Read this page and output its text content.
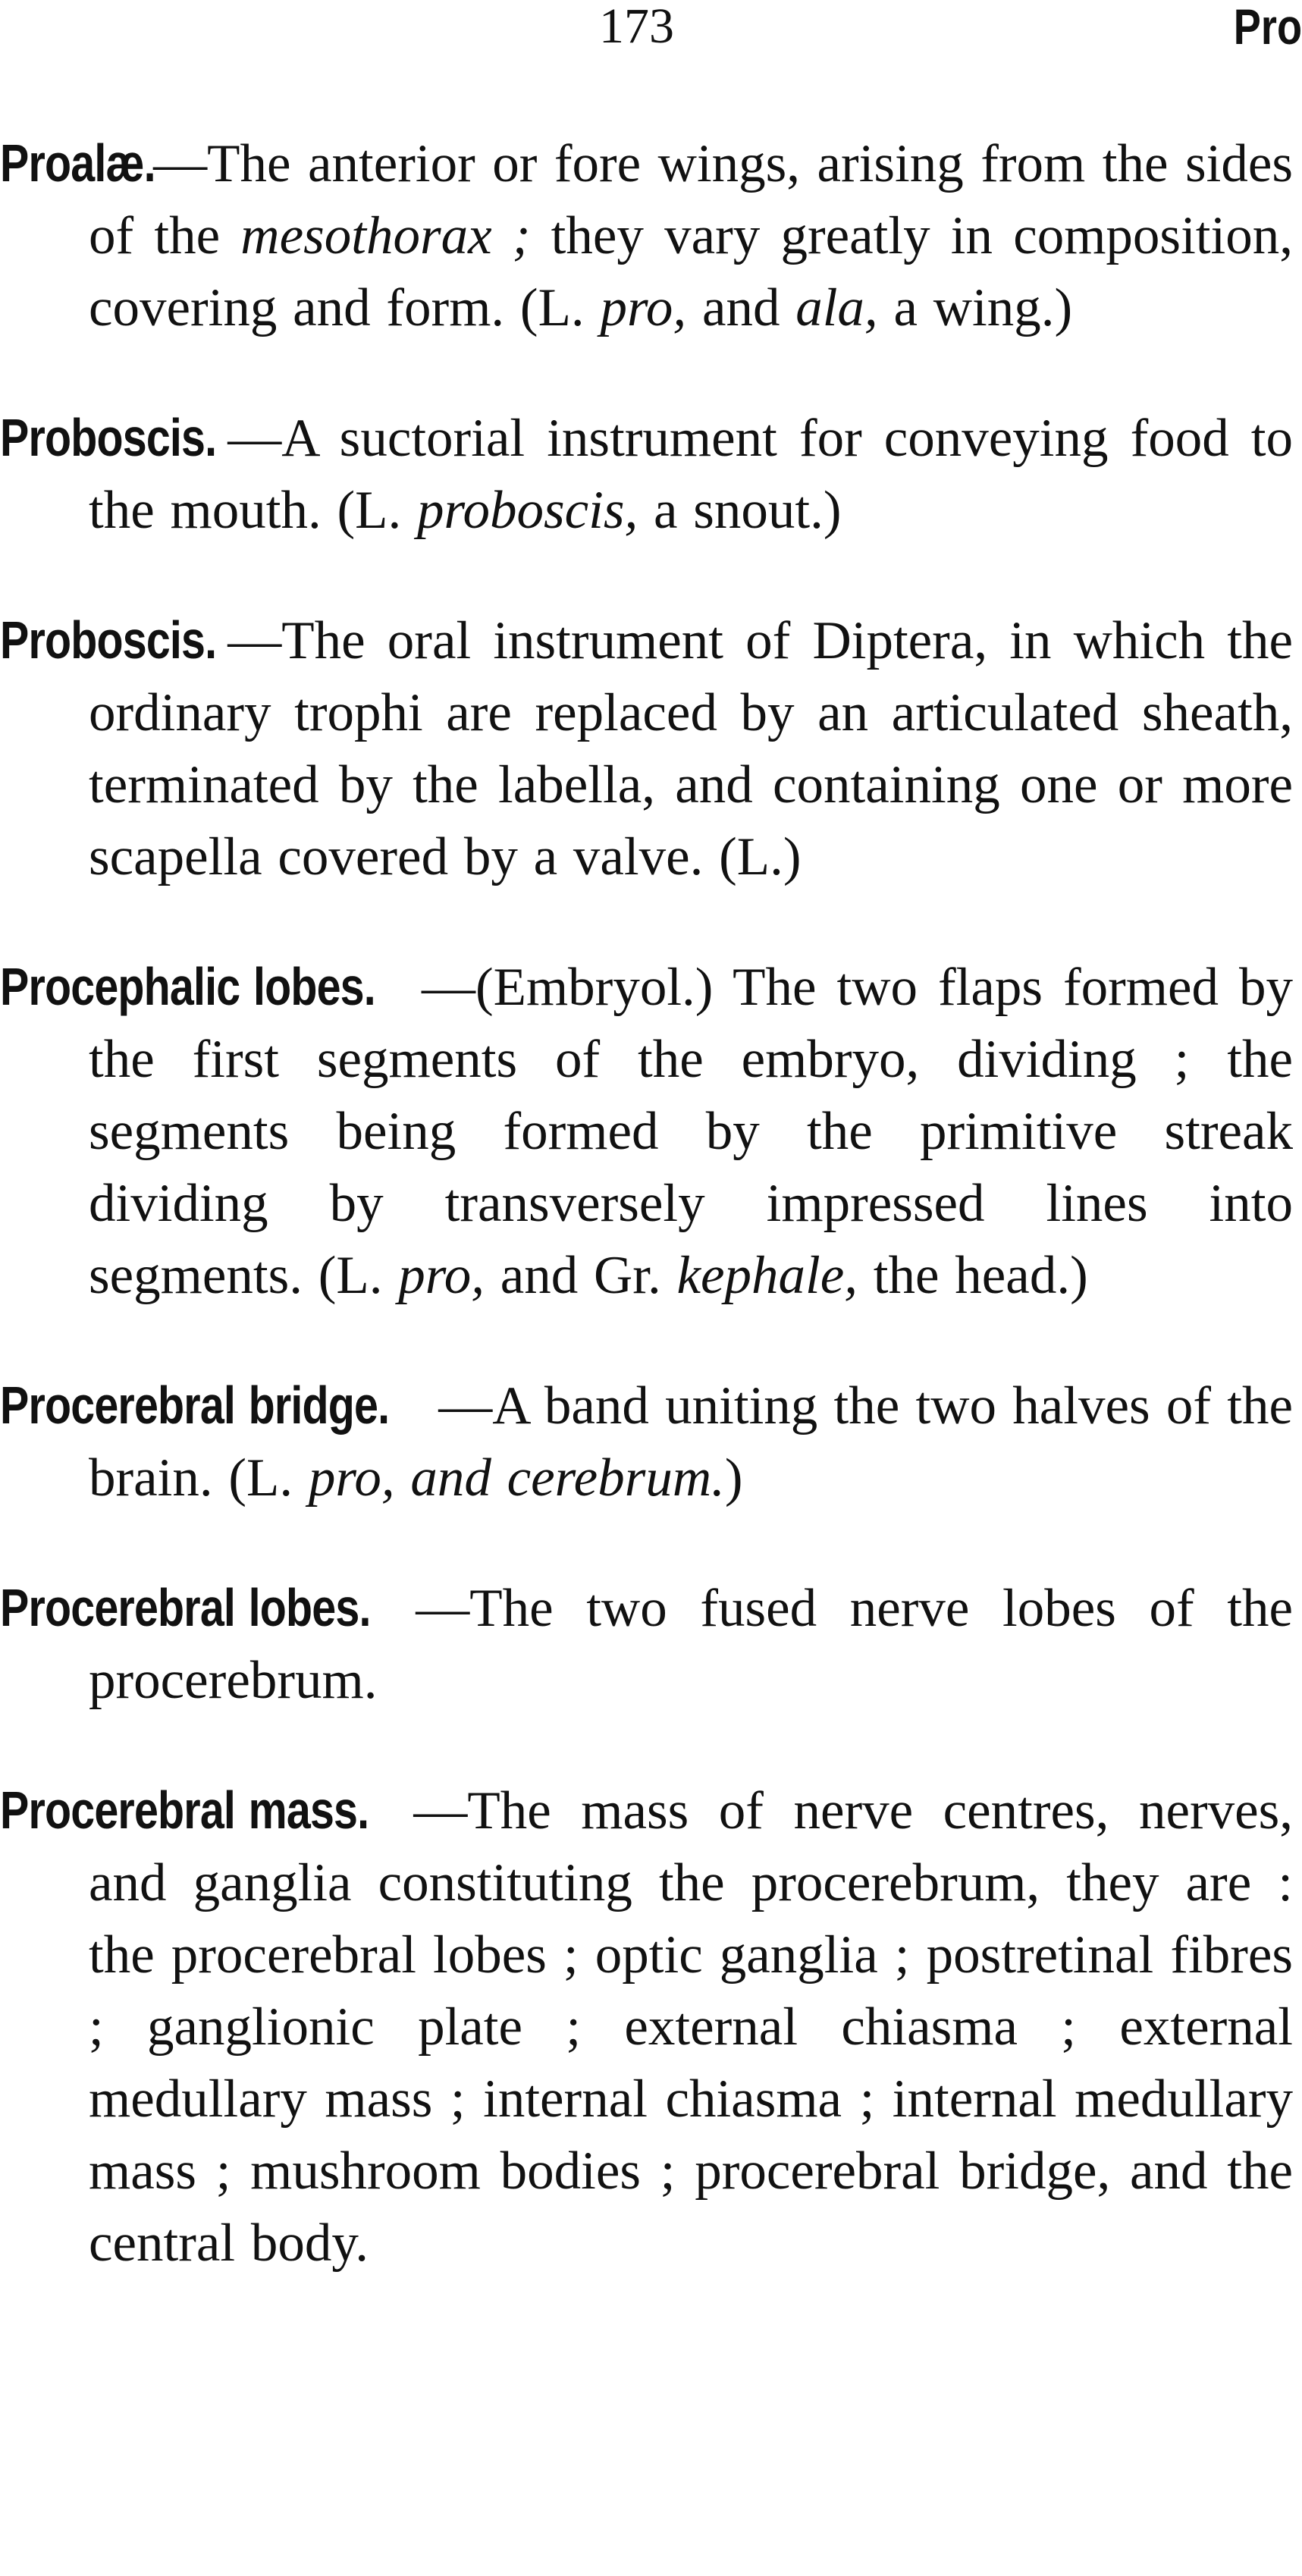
173	Pro

Proalæ.—The anterior or fore wings, arising from the sides of the mesothorax ; they vary greatly in composition, covering and form. (L. pro, and ala, a wing.)

Proboscis. —A suctorial instrument for conveying food to the mouth. (L. proboscis, a snout.)

Proboscis. —The oral instrument of Diptera, in which the ordinary trophi are replaced by an articulated sheath, terminated by the labella, and containing one or more scapella covered by a valve. (L.)

Procephalic lobes. —(Embryol.) The two flaps formed by the first segments of the embryo, dividing ; the segments being formed by the primitive streak dividing by transversely impressed lines into segments. (L. pro, and Gr. kephale, the head.)

Procerebral bridge. —A band uniting the two halves of the brain. (L. pro, and cerebrum.)

Procerebral lobes. —The two fused nerve lobes of the procerebrum.

Procerebral mass. —The mass of nerve centres, nerves, and ganglia constituting the procerebrum, they are : the procerebral lobes ; optic ganglia ; postretinal fibres ; ganglionic plate ; external chiasma ; external medullary mass ; internal chiasma ; internal medullary mass ; mushroom bodies ; procerebral bridge, and the central body.
